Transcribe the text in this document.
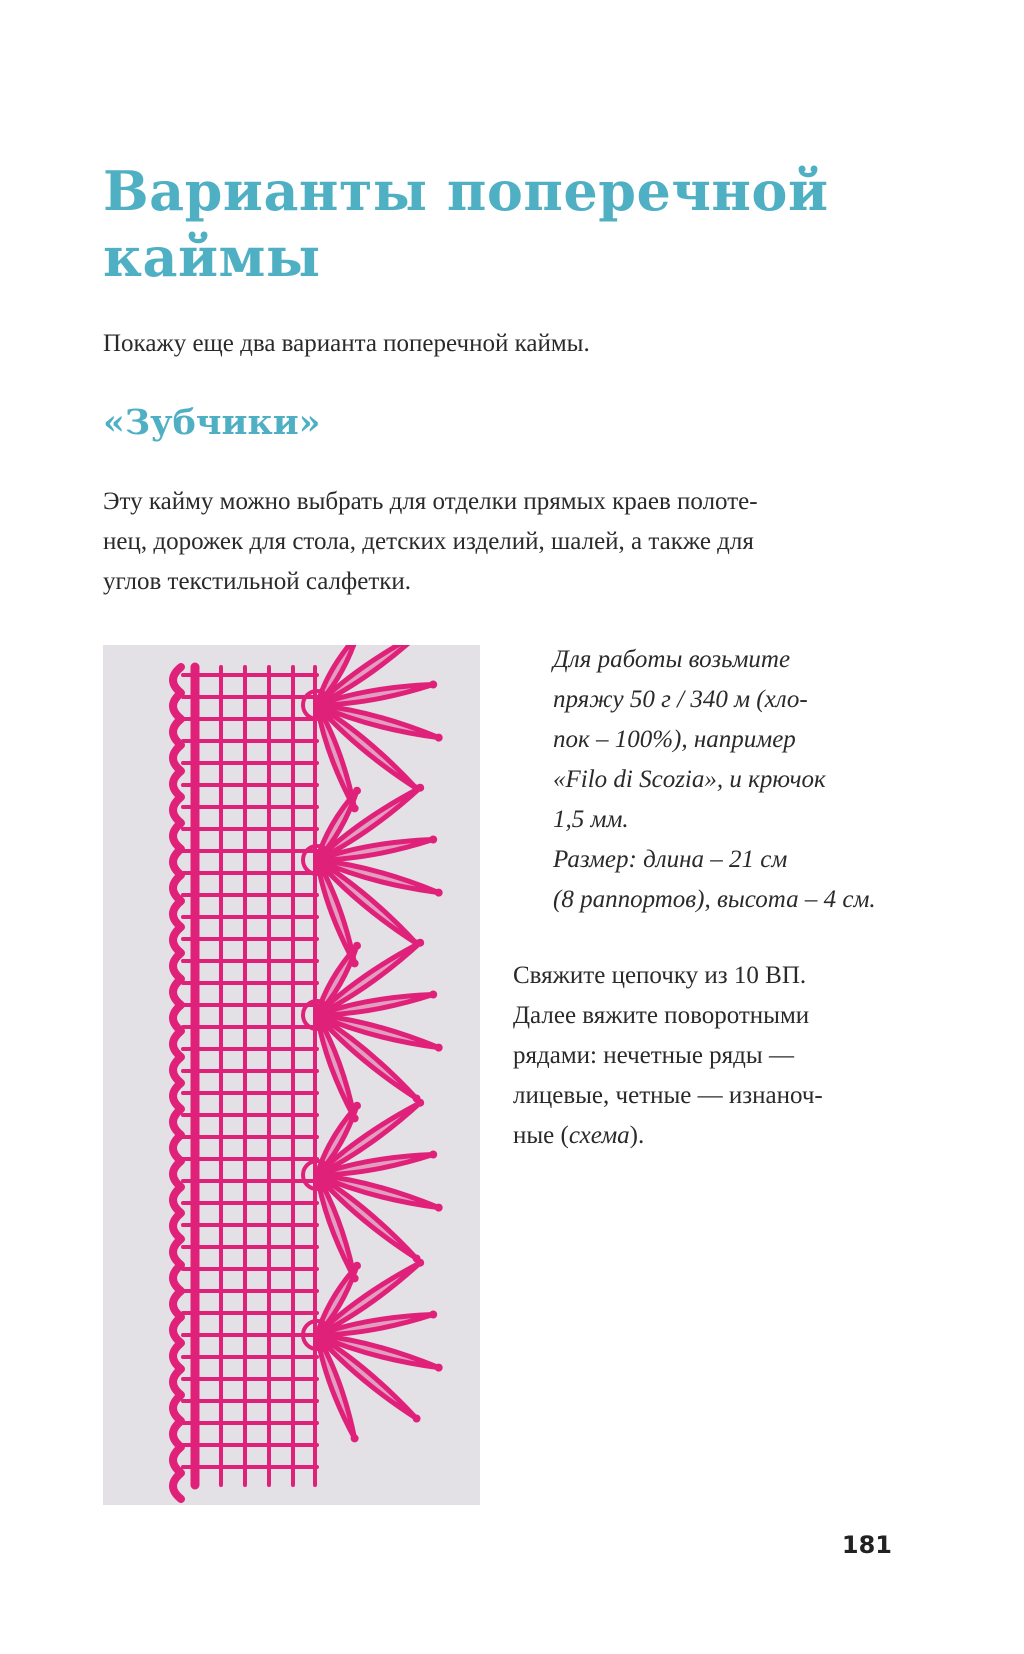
Варианты поперечной
каймы

Покажу еще два варианта поперечной каймы.

«Зубчики»

Эту кайму можно выбрать для отделки прямых краев полоте-
нец, дорожек для стола, детских изделий, шалей, а также для
углов текстильной салфетки.

Для работы возьмите
пряжу 50 г / 340 м (хло-
пок – 100%), например
«Filo di Scozia», и крючок
1,5 мм.
Размер: длина – 21 см
(8 раппортов), высота – 4 см.

Свяжите цепочку из 10 ВП.
Далее вяжите поворотными
рядами: нечетные ряды —
лицевые, четные — изнаноч-
ные (схема).

181
